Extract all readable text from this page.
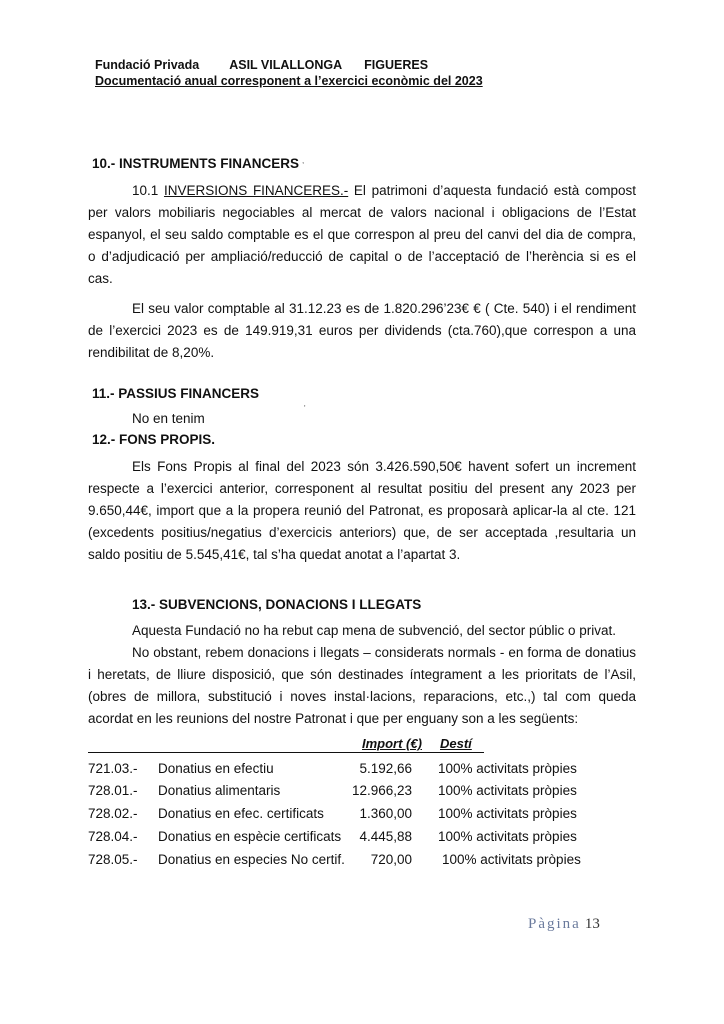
Fundació Privada ASIL VILALLONGA FIGUERES
Documentació anual corresponent a l’exercici econòmic del 2023
10.- INSTRUMENTS FINANCERS ,
10.1 INVERSIONS FINANCERES.- El patrimoni d’aquesta fundació està compost per valors mobiliaris negociables al mercat de valors nacional i obligacions de l’Estat espanyol, el seu saldo comptable es el que correspon al preu del canvi del dia de compra, o d’adjudicació per ampliació/reducció de capital o de l’acceptació de l’herència si es el cas.
El seu valor comptable al 31.12.23 es de 1.820.296’23€ € ( Cte. 540) i el rendiment de l’exercici 2023 es de 149.919,31 euros per dividends (cta.760),que correspon a una rendibilitat de 8,20%.
11.- PASSIUS FINANCERS
'
No en tenim
12.- FONS PROPIS.
Els Fons Propis al final del 2023 són 3.426.590,50€ havent sofert un increment respecte a l’exercici anterior, corresponent al resultat positiu del present any 2023 per 9.650,44€, import que a la propera reunió del Patronat, es proposarà aplicar-la al cte. 121 (excedents positius/negatius d’exercicis anteriors) que, de ser acceptada ,resultaria un saldo positiu de 5.545,41€, tal s’ha quedat anotat a l’apartat 3.
13.- SUBVENCIONS, DONACIONS I LLEGATS
Aquesta Fundació no ha rebut cap mena de subvenció, del sector públic o privat.
No obstant, rebem donacions i llegats – considerats normals - en forma de donatius i heretats, de lliure disposició, que són destinades íntegrament a les prioritats de l’Asil, (obres de millora, substitució i noves instal·lacions, reparacions, etc.,) tal com queda acordat en les reunions del nostre Patronat i que per enguany son a les següents:
Import (€) Destí
721.03.- Donatius en efectiu	5.192,66 100% activitats pròpies
728.01.- Donatius alimentaris	12.966,23 100% activitats pròpies
728.02.- Donatius en efec. certificats	1.360,00 100% activitats pròpies
728.04.- Donatius en espècie certificats	4.445,88 100% activitats pròpies
728.05.- Donatius en especies No certif.	720,00 100% activitats pròpies
Pàgina 13
